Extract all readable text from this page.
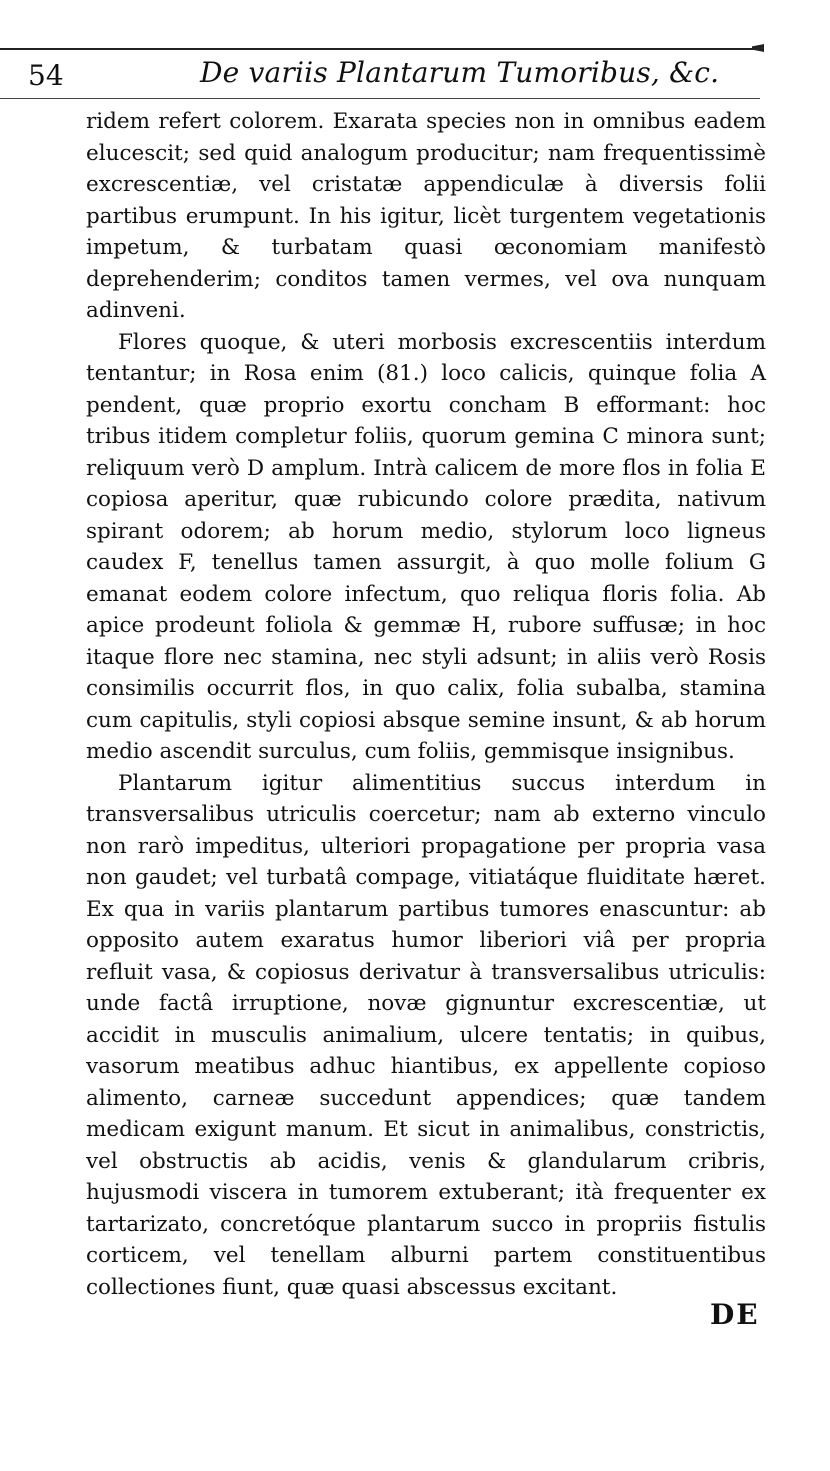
54	De variis Plantarum Tumoribus, &c.

ridem refert colorem. Exarata species non in omnibus eadem elucescit; sed quid analogum producitur; nam frequentissimè excrescentiæ, vel cristatæ appendiculæ à diversis folii partibus erumpunt. In his igitur, licèt turgentem vegetationis impetum, & turbatam quasi œconomiam manifestò deprehenderim; conditos tamen vermes, vel ova nunquam adinveni.

Flores quoque, & uteri morbosis excrescentiis interdum tentantur; in Rosa enim (81.) loco calicis, quinque folia A pendent, quæ proprio exortu concham B efformant: hoc tribus itidem completur foliis, quorum gemina C minora sunt; reliquum verò D amplum. Intrà calicem de more flos in folia E copiosa aperitur, quæ rubicundo colore prædita, nativum spirant odorem; ab horum medio, stylorum loco ligneus caudex F, tenellus tamen assurgit, à quo molle folium G emanat eodem colore infectum, quo reliqua floris folia. Ab apice prodeunt foliola & gemmæ H, rubore suffusæ; in hoc itaque flore nec stamina, nec styli adsunt; in aliis verò Rosis consimilis occurrit flos, in quo calix, folia subalba, stamina cum capitulis, styli copiosi absque semine insunt, & ab horum medio ascendit surculus, cum foliis, gemmisque insignibus.

Plantarum igitur alimentitius succus interdum in transversalibus utriculis coercetur; nam ab externo vinculo non rarò impeditus, ulteriori propagatione per propria vasa non gaudet; vel turbatâ compage, vitiatáque fluiditate hæret. Ex qua in variis plantarum partibus tumores enascuntur: ab opposito autem exaratus humor liberiori viâ per propria refluit vasa, & copiosus derivatur à transversalibus utriculis: unde factâ irruptione, novæ gignuntur excrescentiæ, ut accidit in musculis animalium, ulcere tentatis; in quibus, vasorum meatibus adhuc hiantibus, ex appellente copioso alimento, carneæ succedunt appendices; quæ tandem medicam exigunt manum. Et sicut in animalibus, constrictis, vel obstructis ab acidis, venis & glandularum cribris, hujusmodi viscera in tumorem extuberant; ità frequenter ex tartarizato, concretóque plantarum succo in propriis fistulis corticem, vel tenellam alburni partem constituentibus collectiones fiunt, quæ quasi abscessus excitant.

DE
